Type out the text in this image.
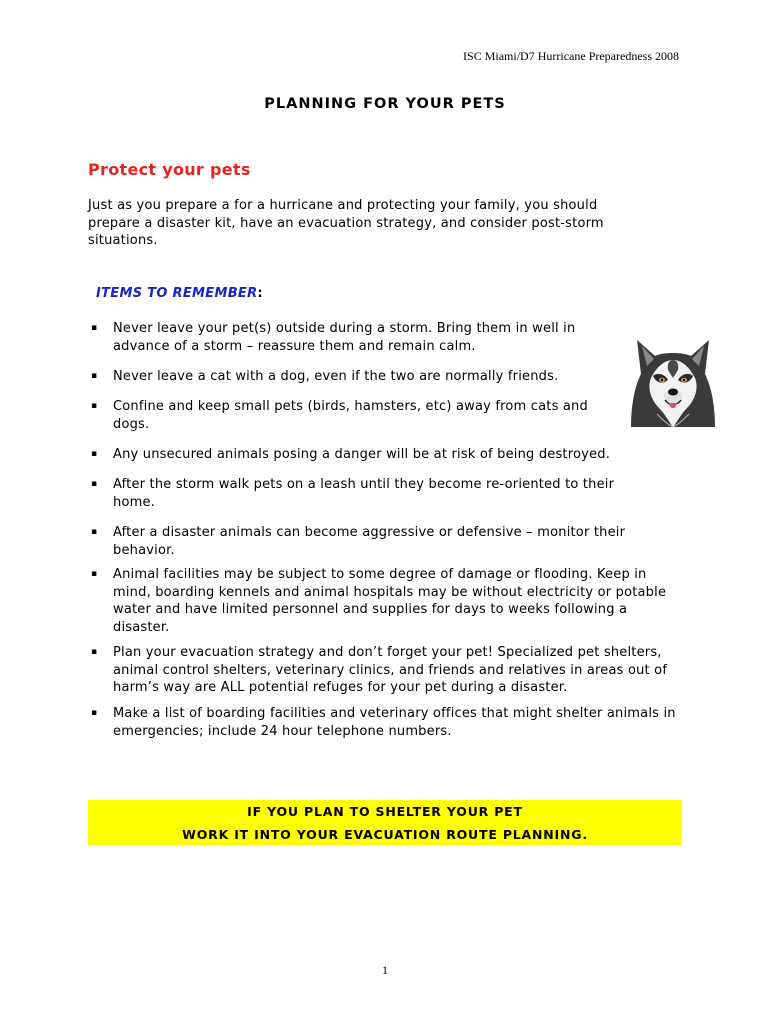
ISC Miami/D7 Hurricane Preparedness 2008
PLANNING FOR YOUR PETS
Protect your pets

Just as you prepare a for a hurricane and protecting your family, you should prepare a disaster kit, have an evacuation strategy, and consider post-storm situations.

ITEMS TO REMEMBER:
▪ Never leave your pet(s) outside during a storm. Bring them in well in advance of a storm – reassure them and remain calm.
▪ Never leave a cat with a dog, even if the two are normally friends.
▪ Confine and keep small pets (birds, hamsters, etc) away from cats and dogs.
▪ Any unsecured animals posing a danger will be at risk of being destroyed.
▪ After the storm walk pets on a leash until they become re-oriented to their home.
▪ After a disaster animals can become aggressive or defensive – monitor their behavior.
▪ Animal facilities may be subject to some degree of damage or flooding. Keep in mind, boarding kennels and animal hospitals may be without electricity or potable water and have limited personnel and supplies for days to weeks following a disaster.
▪ Plan your evacuation strategy and don’t forget your pet! Specialized pet shelters, animal control shelters, veterinary clinics, and friends and relatives in areas out of harm’s way are ALL potential refuges for your pet during a disaster.
▪ Make a list of boarding facilities and veterinary offices that might shelter animals in emergencies; include 24 hour telephone numbers.
IF YOU PLAN TO SHELTER YOUR PET
WORK IT INTO YOUR EVACUATION ROUTE PLANNING.
1
